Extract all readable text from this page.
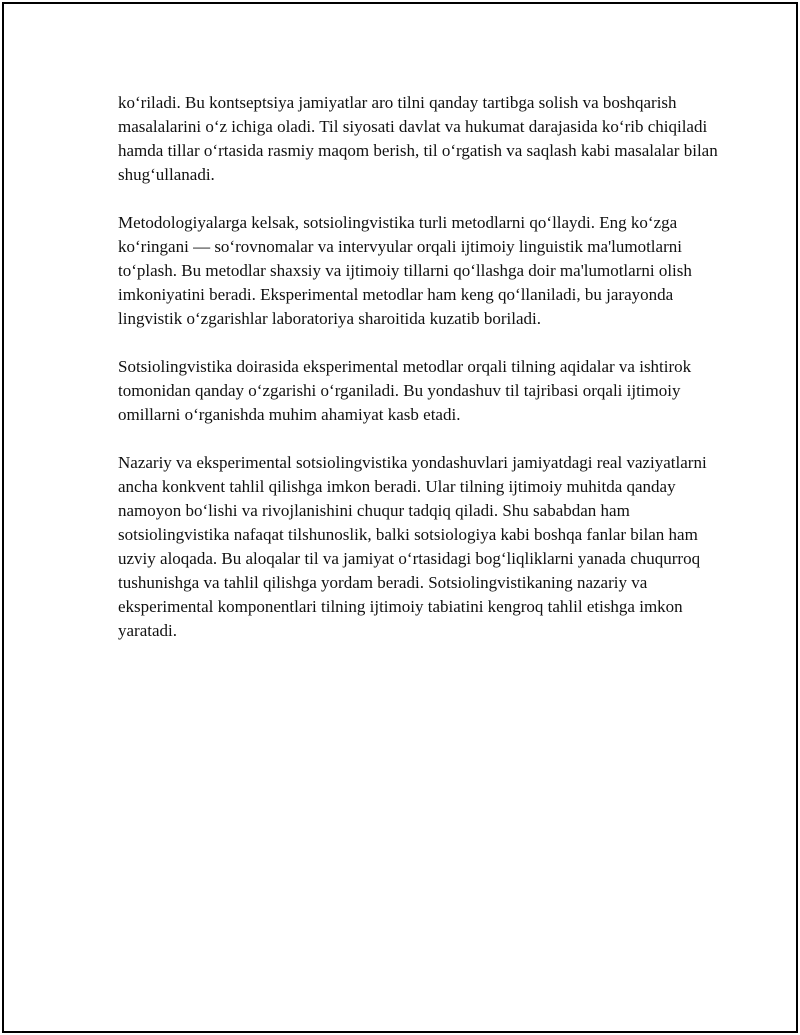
ko‘riladi. Bu kontseptsiya jamiyatlar aro tilni qanday tartibga solish va boshqarish masalalarini o‘z ichiga oladi. Til siyosati davlat va hukumat darajasida ko‘rib chiqiladi hamda tillar o‘rtasida rasmiy maqom berish, til o‘rgatish va saqlash kabi masalalar bilan shug‘ullanadi.

Metodologiyalarga kelsak, sotsiolingvistika turli metodlarni qo‘llaydi. Eng ko‘zga ko‘ringani — so‘rovnomalar va intervyular orqali ijtimoiy linguistik ma'lumotlarni to‘plash. Bu metodlar shaxsiy va ijtimoiy tillarni qo‘llashga doir ma'lumotlarni olish imkoniyatini beradi. Eksperimental metodlar ham keng qo‘llaniladi, bu jarayonda lingvistik o‘zgarishlar laboratoriya sharoitida kuzatib boriladi.

Sotsiolingvistika doirasida eksperimental metodlar orqali tilning aqidalar va ishtirok tomonidan qanday o‘zgarishi o‘rganiladi. Bu yondashuv til tajribasi orqali ijtimoiy omillarni o‘rganishda muhim ahamiyat kasb etadi.

Nazariy va eksperimental sotsiolingvistika yondashuvlari jamiyatdagi real vaziyatlarni ancha konkvent tahlil qilishga imkon beradi. Ular tilning ijtimoiy muhitda qanday namoyon bo‘lishi va rivojlanishini chuqur tadqiq qiladi. Shu sababdan ham sotsiolingvistika nafaqat tilshunoslik, balki sotsiologiya kabi boshqa fanlar bilan ham uzviy aloqada. Bu aloqalar til va jamiyat o‘rtasidagi bog‘liqliklarni yanada chuqurroq tushunishga va tahlil qilishga yordam beradi. Sotsiolingvistikaning nazariy va eksperimental komponentlari tilning ijtimoiy tabiatini kengroq tahlil etishga imkon yaratadi.
